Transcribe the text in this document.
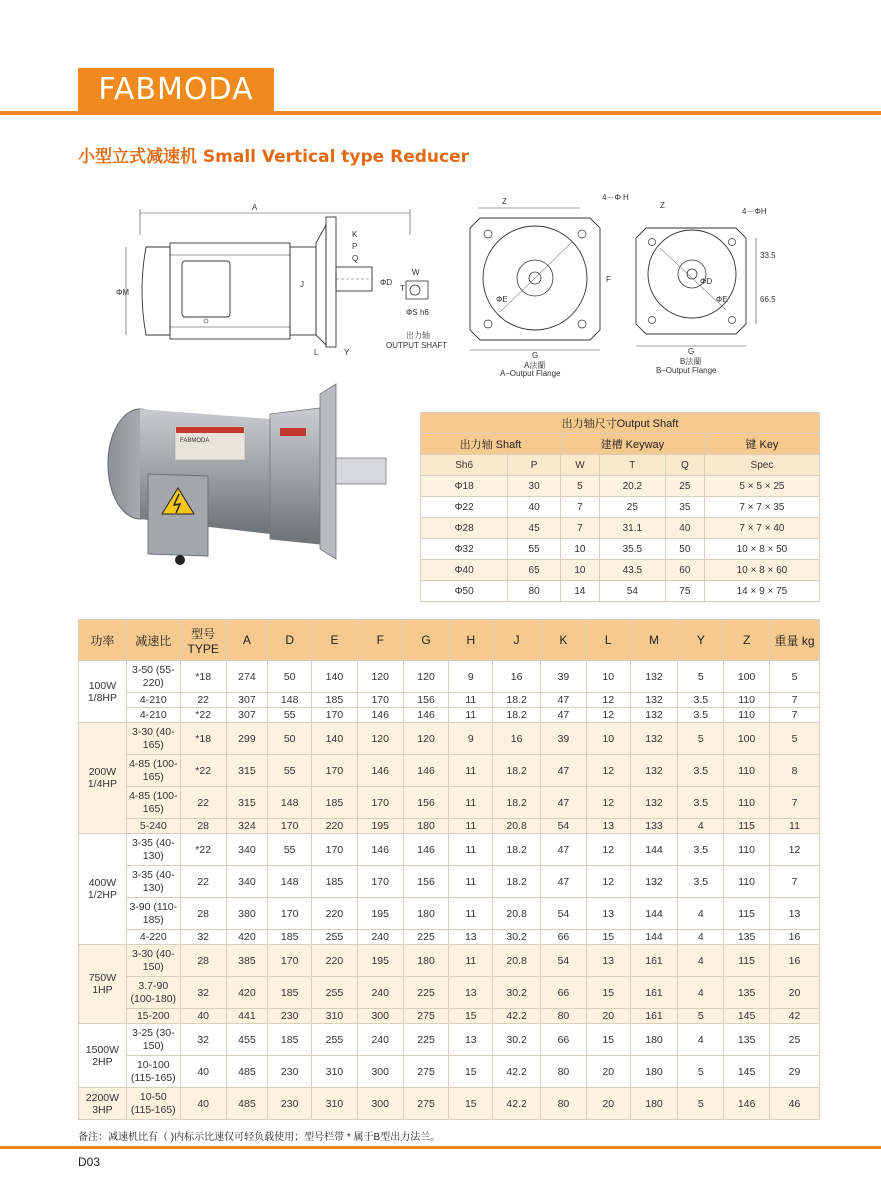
FABMODA
小型立式减速机 Small Vertical type Reducer
A
ΦM
K
P
Q
J	ΦD
L	Y
W
T
ΦS h6
出力轴
OUTPUT SHAFT
Z	4－Φ H
F
ΦE
G
A法蘭
A–Output Flange
Z
4－ΦH
ΦD
ΦE
33.5
66.5
G
B法蘭
B–Output Flange
FABMODA
出力轴尺寸Output Shaft					
出力轴 Shaft		建槽 Keyway			键 Key
Sh6	P	W	T	Q	Spec
Φ18	30	5	20.2	25	5 × 5 × 25
Φ22	40	7	25	35	7 × 7 × 35
Φ28	45	7	31.1	40	7 × 7 × 40
Φ32	55	10	35.5	50	10 × 8 × 50
Φ40	65	10	43.5	60	10 × 8 × 60
Φ50	80	14	54	75	14 × 9 × 75
功率	减速比	型号 TYPE	A	D	E	F	G	H	J	K	L	M	Y	Z	重量 kg
100W 1/8HP	3-50 (55-220)	*18	274	50	140	120	120	9	16	39	10	132	5	100	5
	4-210	22	307	148	185	170	156	11	18.2	47	12	132	3.5	110	7
	4-210	*22	307	55	170	146	146	11	18.2	47	12	132	3.5	110	7
200W 1/4HP	3-30 (40-165)	*18	299	50	140	120	120	9	16	39	10	132	5	100	5
	4-85 (100-165)	*22	315	55	170	146	146	11	18.2	47	12	132	3.5	110	8
	4-85 (100-165)	22	315	148	185	170	156	11	18.2	47	12	132	3.5	110	7
	5-240	28	324	170	220	195	180	11	20.8	54	13	133	4	115	11
400W 1/2HP	3-35 (40-130)	*22	340	55	170	146	146	11	18.2	47	12	144	3.5	110	12
	3-35 (40-130)	22	340	148	185	170	156	11	18.2	47	12	132	3.5	110	7
	3-90 (110-185)	28	380	170	220	195	180	11	20.8	54	13	144	4	115	13
	4-220	32	420	185	255	240	225	13	30.2	66	15	144	4	135	16
750W 1HP	3-30 (40-150)	28	385	170	220	195	180	11	20.8	54	13	161	4	115	16
	3.7-90 (100-180)	32	420	185	255	240	225	13	30.2	66	15	161	4	135	20
	15-200	40	441	230	310	300	275	15	42.2	80	20	161	5	145	42
1500W 2HP	3-25 (30-150)	32	455	185	255	240	225	13	30.2	66	15	180	4	135	25
	10-100 (115-165)	40	485	230	310	300	275	15	42.2	80	20	180	5	145	29
2200W 3HP	10-50 (115-165)	40	485	230	310	300	275	15	42.2	80	20	180	5	146	46
备注：减速机比有（ )内标示比速仅可轻负载使用；型号栏带 * 属于B型出力法兰。
D03
